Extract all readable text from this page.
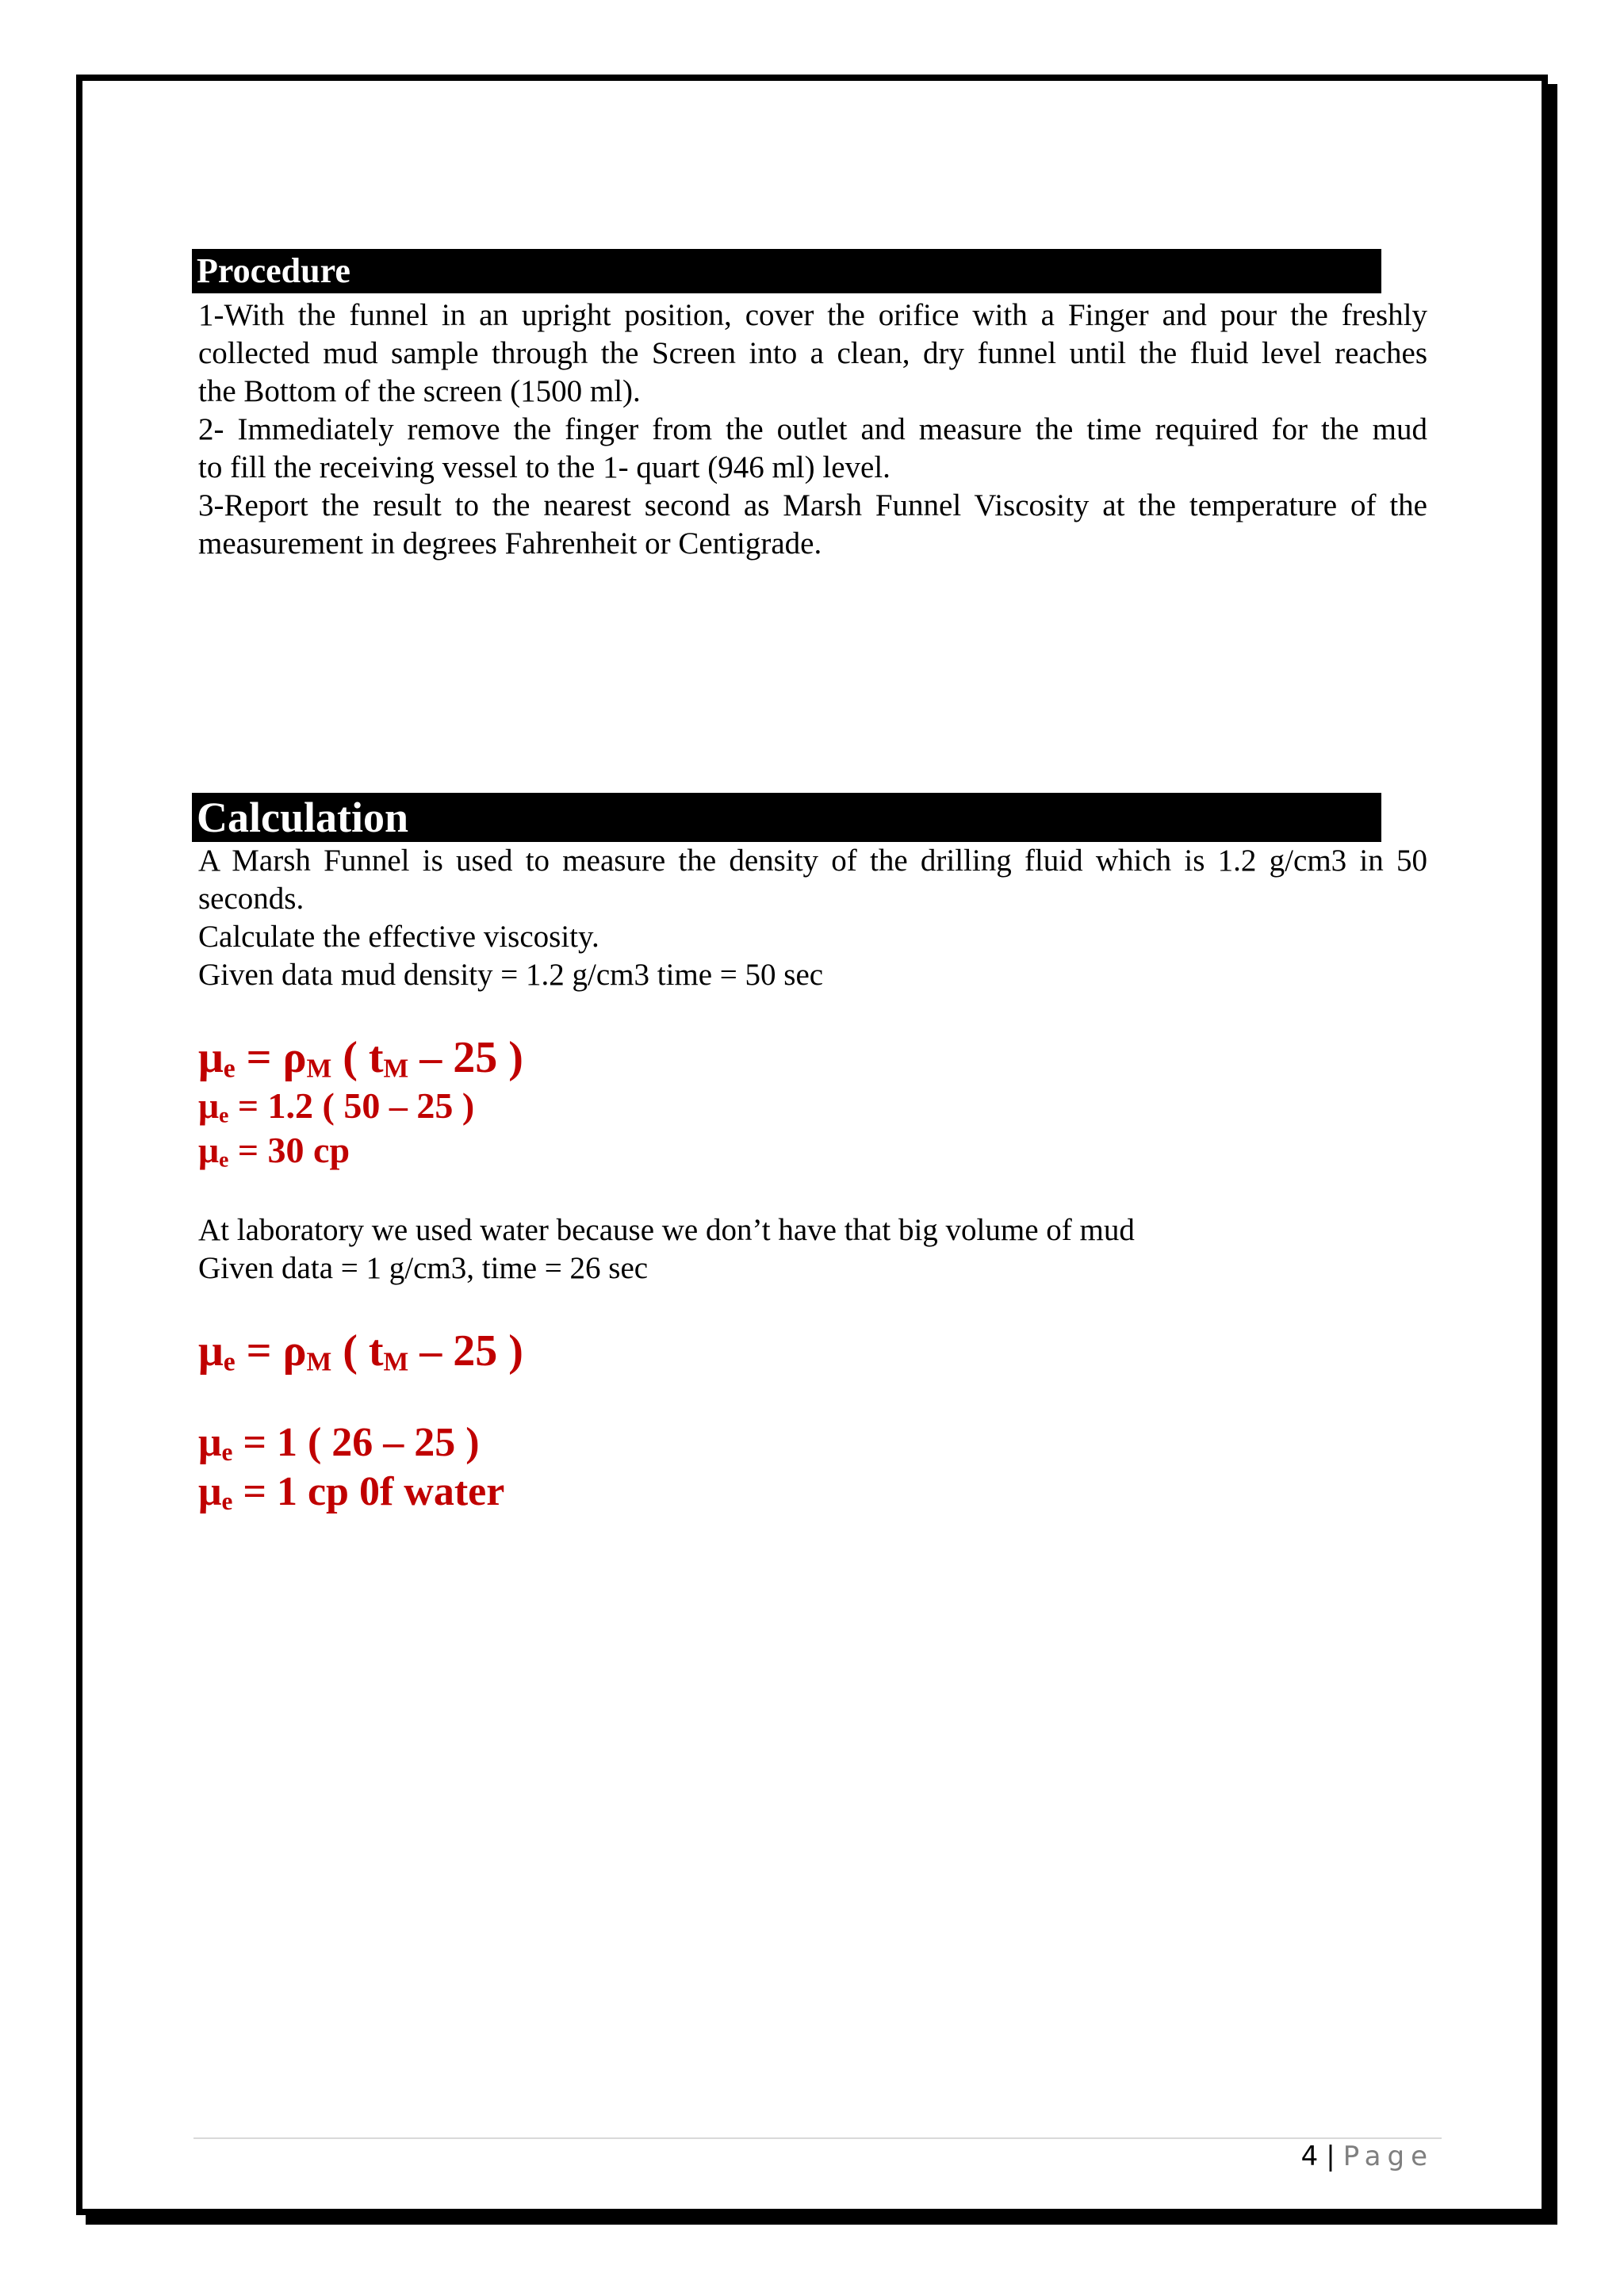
Procedure

1-With the funnel in an upright position, cover the orifice with a Finger and pour the freshly

collected mud sample through the Screen into a clean, dry funnel until the fluid level reaches

the Bottom of the screen (1500 ml).

2- Immediately remove the finger from the outlet and measure the time required for the mud

to fill the receiving vessel to the 1- quart (946 ml) level.

3-Report the result to the nearest second as Marsh Funnel Viscosity at the temperature of the

measurement in degrees Fahrenheit or Centigrade.

Calculation

A Marsh Funnel is used to measure the density of the drilling fluid which is 1.2 g/cm3 in 50

seconds.

Calculate the effective viscosity.

Given data mud density = 1.2 g/cm3 time = 50 sec

$\mu_e = \rho_M$ ( $t_M - 25$ )
$\mu_e = 1.2$ ( 50 – 25 )
$\mu_e = 30$ cp

At laboratory we used water because we don’t have that big volume of mud

Given data = 1 g/cm3, time = 26 sec

$\mu_e = \rho_M$ ( $t_M - 25$ )
$\mu_e = 1$ ( 26 – 25 )
$\mu_e = 1$ cp 0f water
4 | Page
